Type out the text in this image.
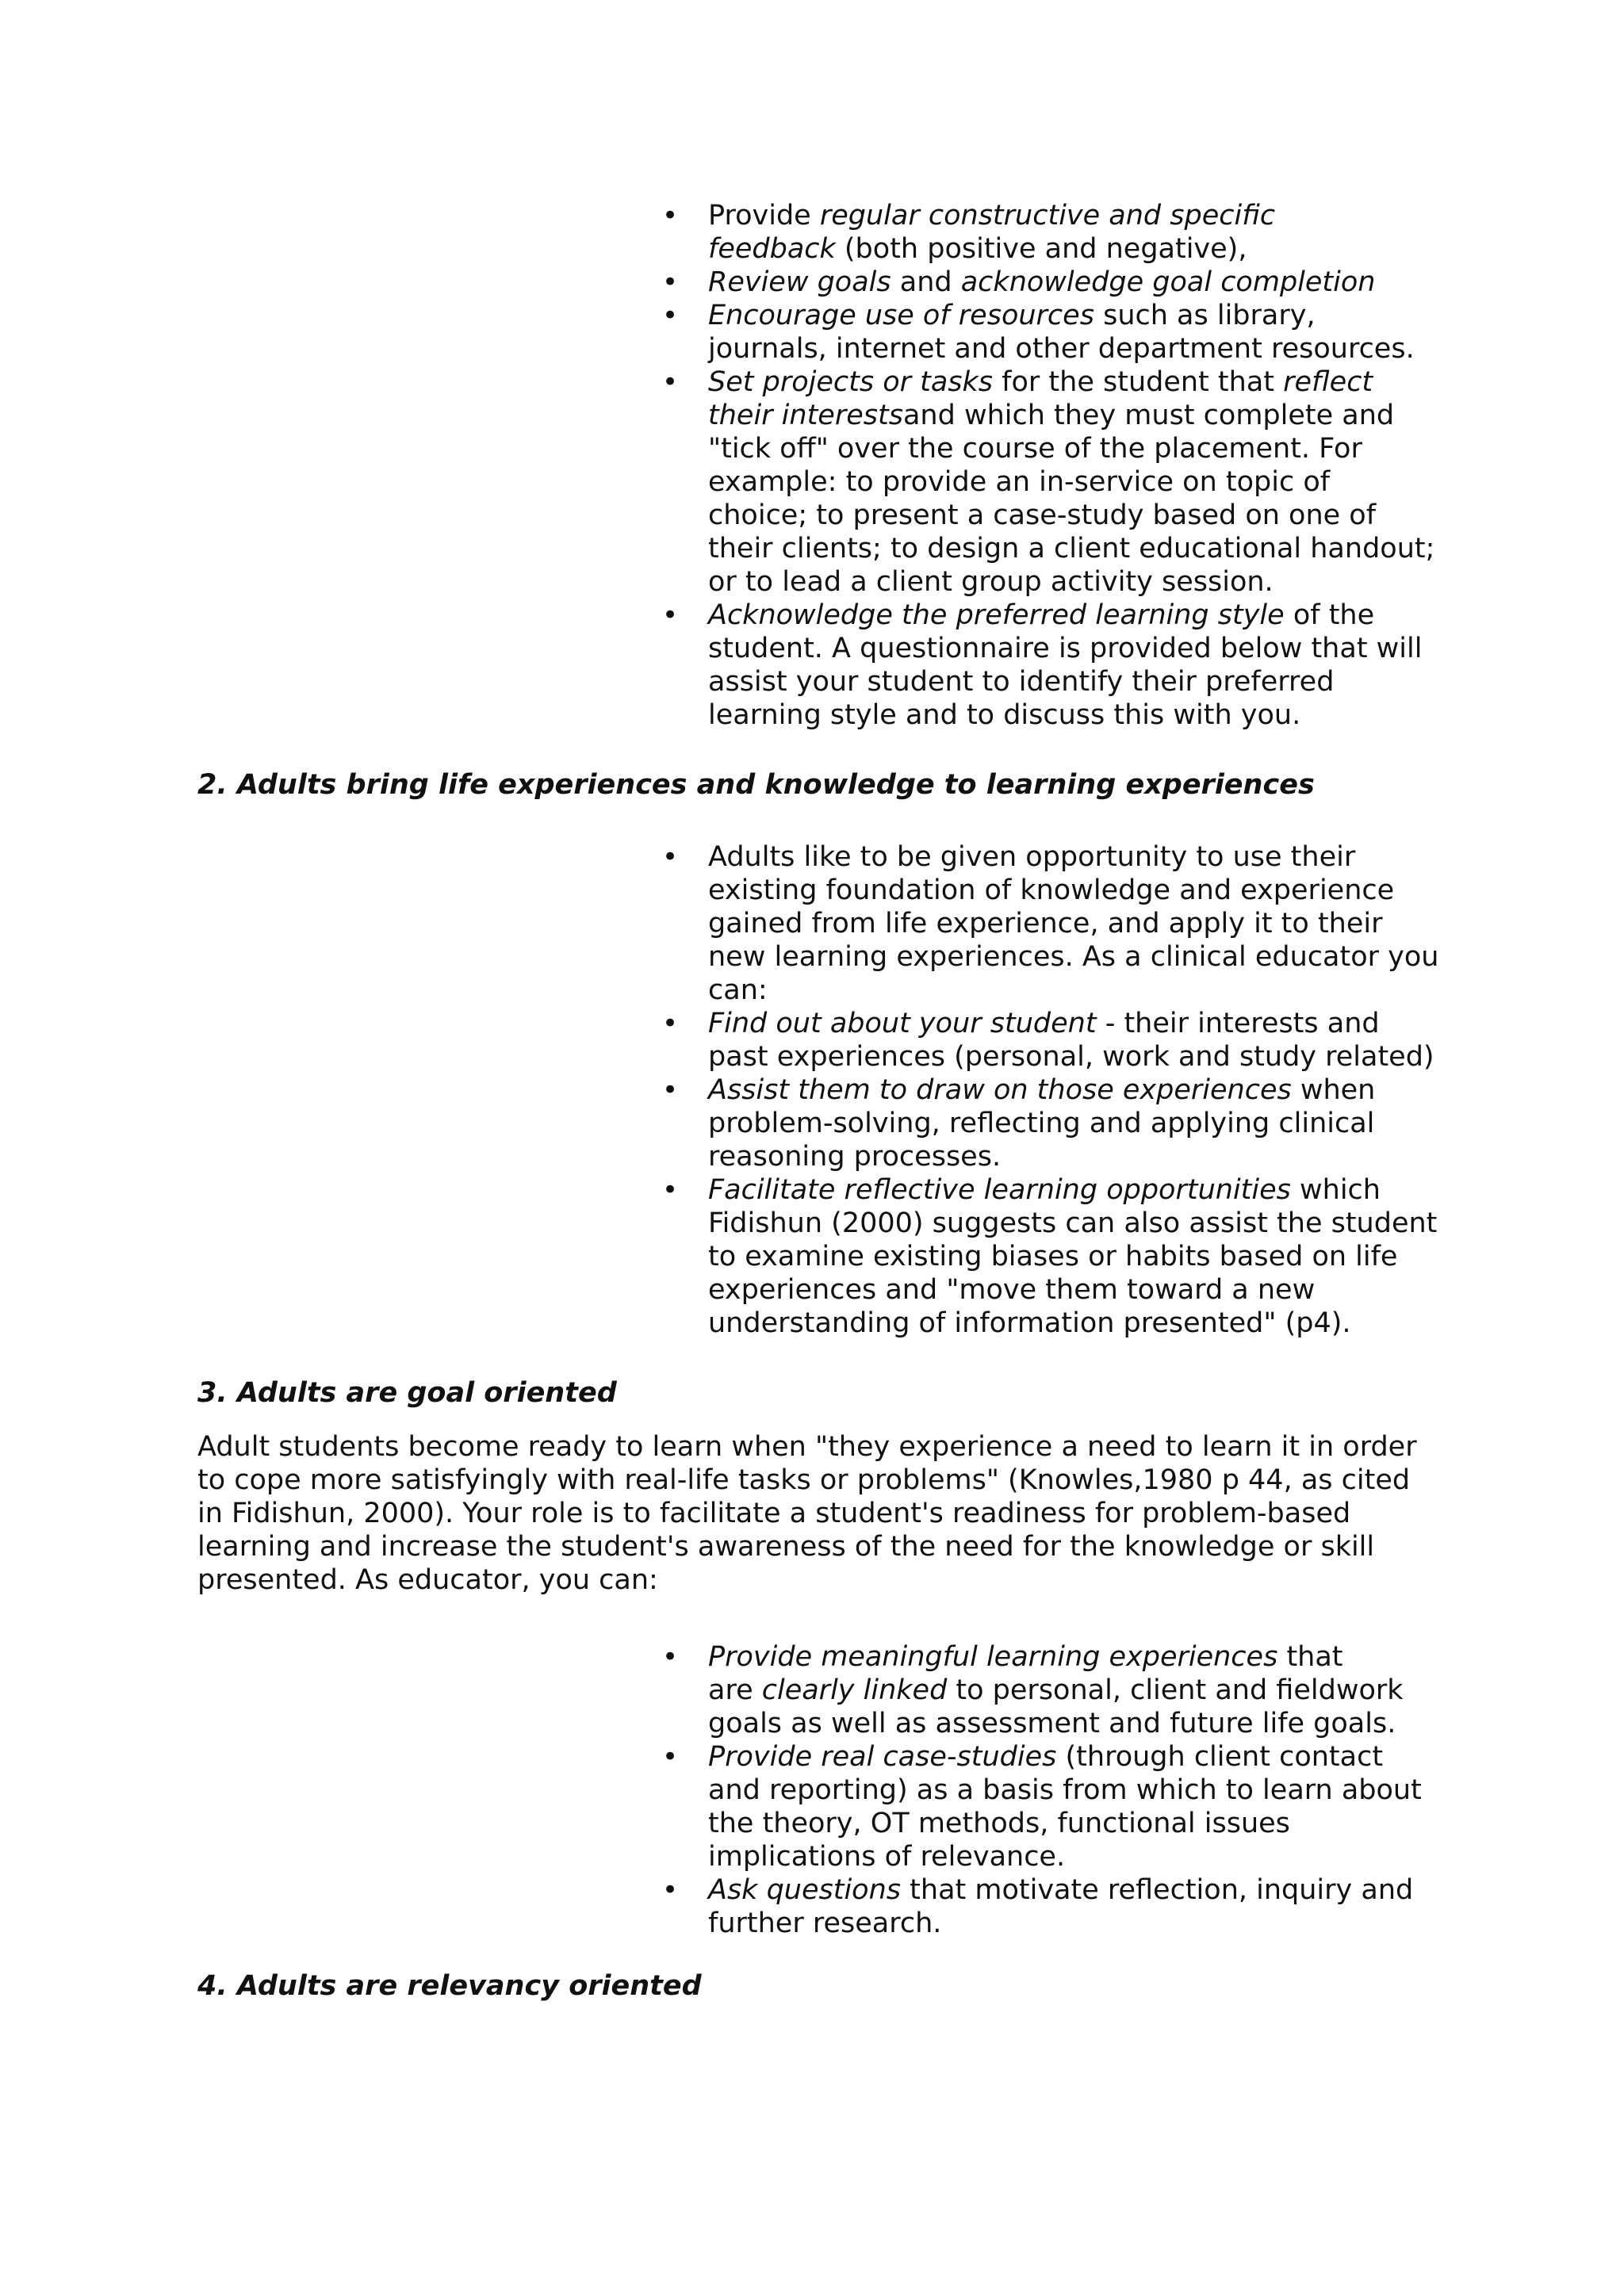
• Provide regular constructive and specific
feedback (both positive and negative),
• Review goals and acknowledge goal completion
• Encourage use of resources such as library,
journals, internet and other department resources.
• Set projects or tasks for the student that reflect
their interestsand which they must complete and
"tick off" over the course of the placement. For
example: to provide an in-service on topic of
choice; to present a case-study based on one of
their clients; to design a client educational handout;
or to lead a client group activity session.
• Acknowledge the preferred learning style of the
student. A questionnaire is provided below that will
assist your student to identify their preferred
learning style and to discuss this with you.
2. Adults bring life experiences and knowledge to learning experiences
• Adults like to be given opportunity to use their
existing foundation of knowledge and experience
gained from life experience, and apply it to their
new learning experiences. As a clinical educator you
can:
• Find out about your student - their interests and
past experiences (personal, work and study related)
• Assist them to draw on those experiences when
problem-solving, reflecting and applying clinical
reasoning processes.
• Facilitate reflective learning opportunities which
Fidishun (2000) suggests can also assist the student
to examine existing biases or habits based on life
experiences and "move them toward a new
understanding of information presented" (p4).
3. Adults are goal oriented

Adult students become ready to learn when "they experience a need to learn it in order
to cope more satisfyingly with real-life tasks or problems" (Knowles,1980 p 44, as cited
in Fidishun, 2000). Your role is to facilitate a student's readiness for problem-based
learning and increase the student's awareness of the need for the knowledge or skill
presented. As educator, you can:

• Provide meaningful learning experiences that
are clearly linked to personal, client and fieldwork
goals as well as assessment and future life goals.
• Provide real case-studies (through client contact
and reporting) as a basis from which to learn about
the theory, OT methods, functional issues
implications of relevance.
• Ask questions that motivate reflection, inquiry and
further research.
4. Adults are relevancy oriented
